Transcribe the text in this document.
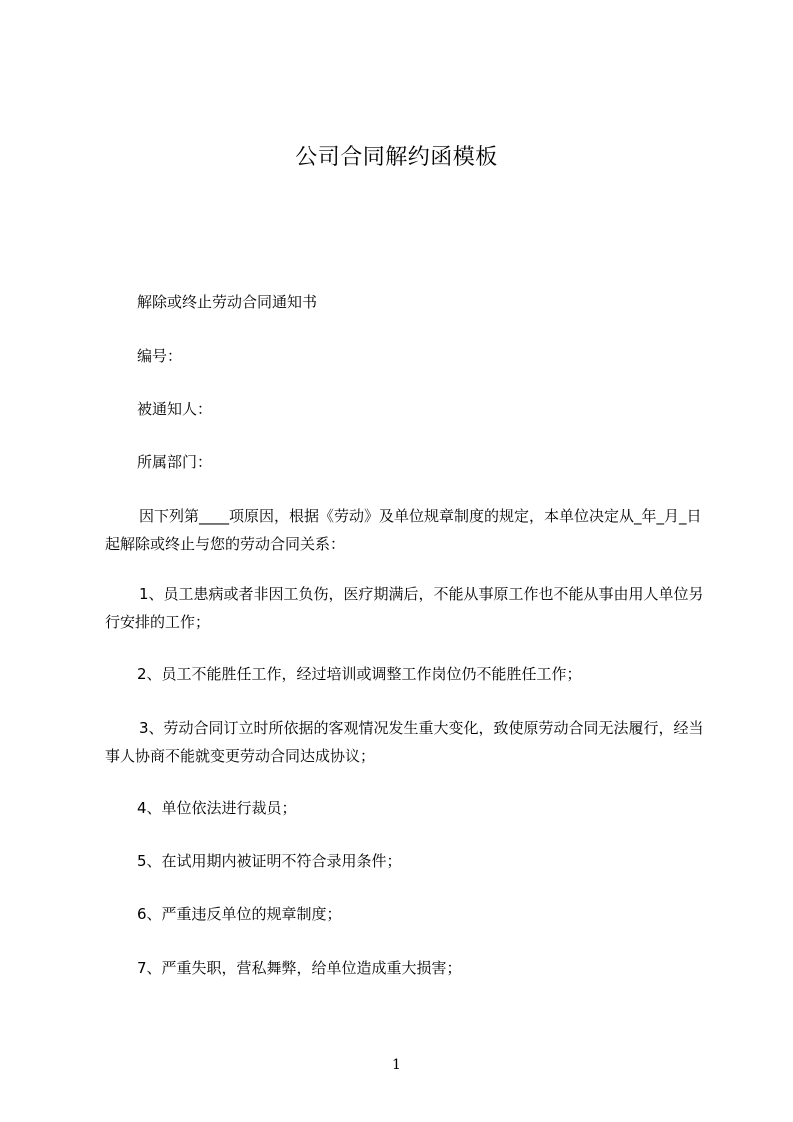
公司合同解约函模板

解除或终止劳动合同通知书

编号：

被通知人：

所属部门：

因下列第____项原因，根据《劳动》及单位规章制度的规定，本单位决定从_年_月_日起解除或终止与您的劳动合同关系：

1、员工患病或者非因工负伤，医疗期满后，不能从事原工作也不能从事由用人单位另行安排的工作；

2、员工不能胜任工作，经过培训或调整工作岗位仍不能胜任工作；

3、劳动合同订立时所依据的客观情况发生重大变化，致使原劳动合同无法履行，经当事人协商不能就变更劳动合同达成协议；

4、单位依法进行裁员；

5、在试用期内被证明不符合录用条件；

6、严重违反单位的规章制度；

7、严重失职，营私舞弊，给单位造成重大损害；

1
